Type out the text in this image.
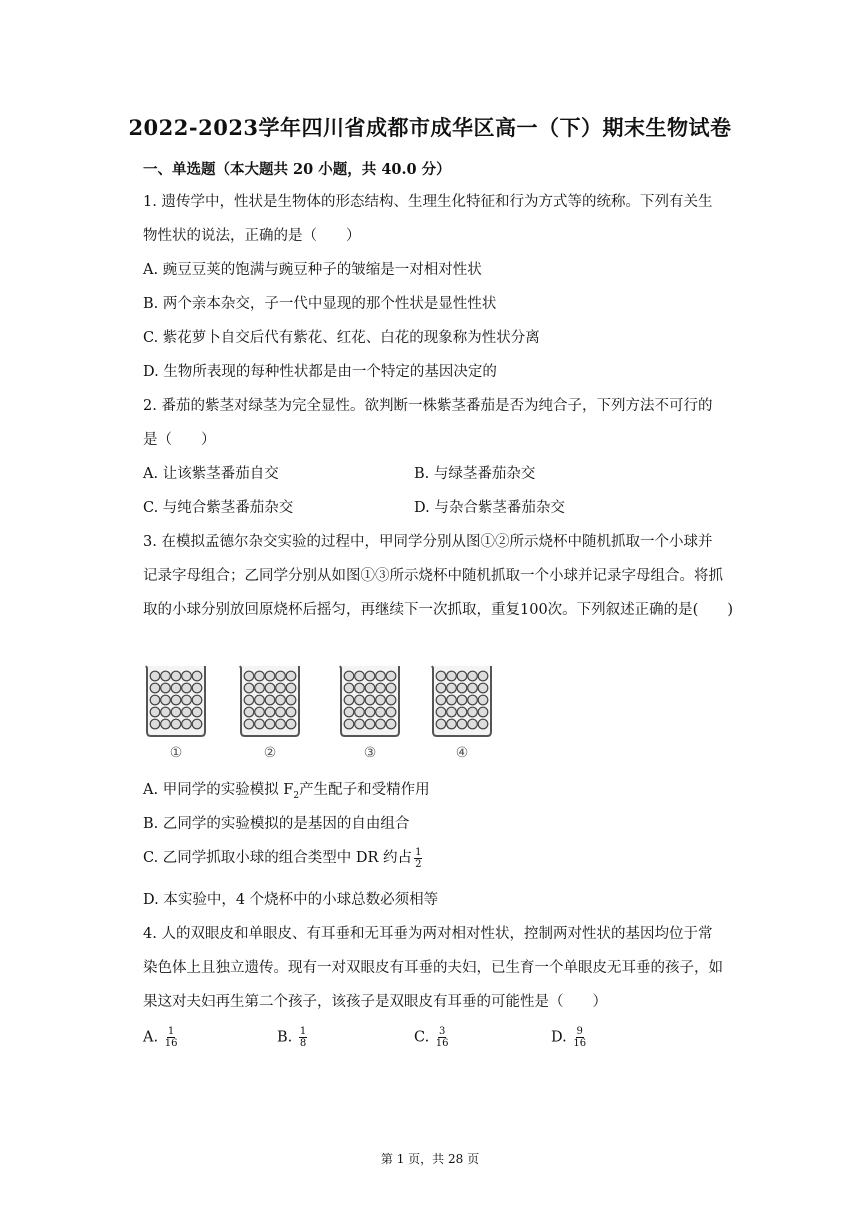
2022-2023学年四川省成都市成华区高一（下）期末生物试卷
一、单选题（本大题共 20 小题，共 40.0 分）
1. 遗传学中，性状是生物体的形态结构、生理生化特征和行为方式等的统称。下列有关生
物性状的说法，正确的是（　　）
A. 豌豆豆荚的饱满与豌豆种子的皱缩是一对相对性状
B. 两个亲本杂交，子一代中显现的那个性状是显性性状
C. 紫花萝卜自交后代有紫花、红花、白花的现象称为性状分离
D. 生物所表现的每种性状都是由一个特定的基因决定的
2. 番茄的紫茎对绿茎为完全显性。欲判断一株紫茎番茄是否为纯合子，下列方法不可行的
是（　　）
A. 让该紫茎番茄自交	B. 与绿茎番茄杂交
C. 与纯合紫茎番茄杂交	D. 与杂合紫茎番茄杂交
3. 在模拟孟德尔杂交实验的过程中，甲同学分别从图①②所示烧杯中随机抓取一个小球并
记录字母组合；乙同学分别从如图①③所示烧杯中随机抓取一个小球并记录字母组合。将抓
取的小球分别放回原烧杯后摇匀，再继续下一次抓取，重复100次。下列叙述正确的是(　　)
①	②	③	④
A. 甲同学的实验模拟 $F_2$产生配子和受精作用
B. 乙同学的实验模拟的是基因的自由组合
C. 乙同学抓取小球的组合类型中 DR 约占 $\frac{1}{2}$
D. 本实验中，4 个烧杯中的小球总数必须相等
4. 人的双眼皮和单眼皮、有耳垂和无耳垂为两对相对性状，控制两对性状的基因均位于常
染色体上且独立遗传。现有一对双眼皮有耳垂的夫妇，已生育一个单眼皮无耳垂的孩子，如
果这对夫妇再生第二个孩子，该孩子是双眼皮有耳垂的可能性是（　　）
A. $\frac{1}{16}$	B. $\frac{1}{8}$	C. $\frac{3}{16}$	D. $\frac{9}{16}$
第 1 页，共 28 页
